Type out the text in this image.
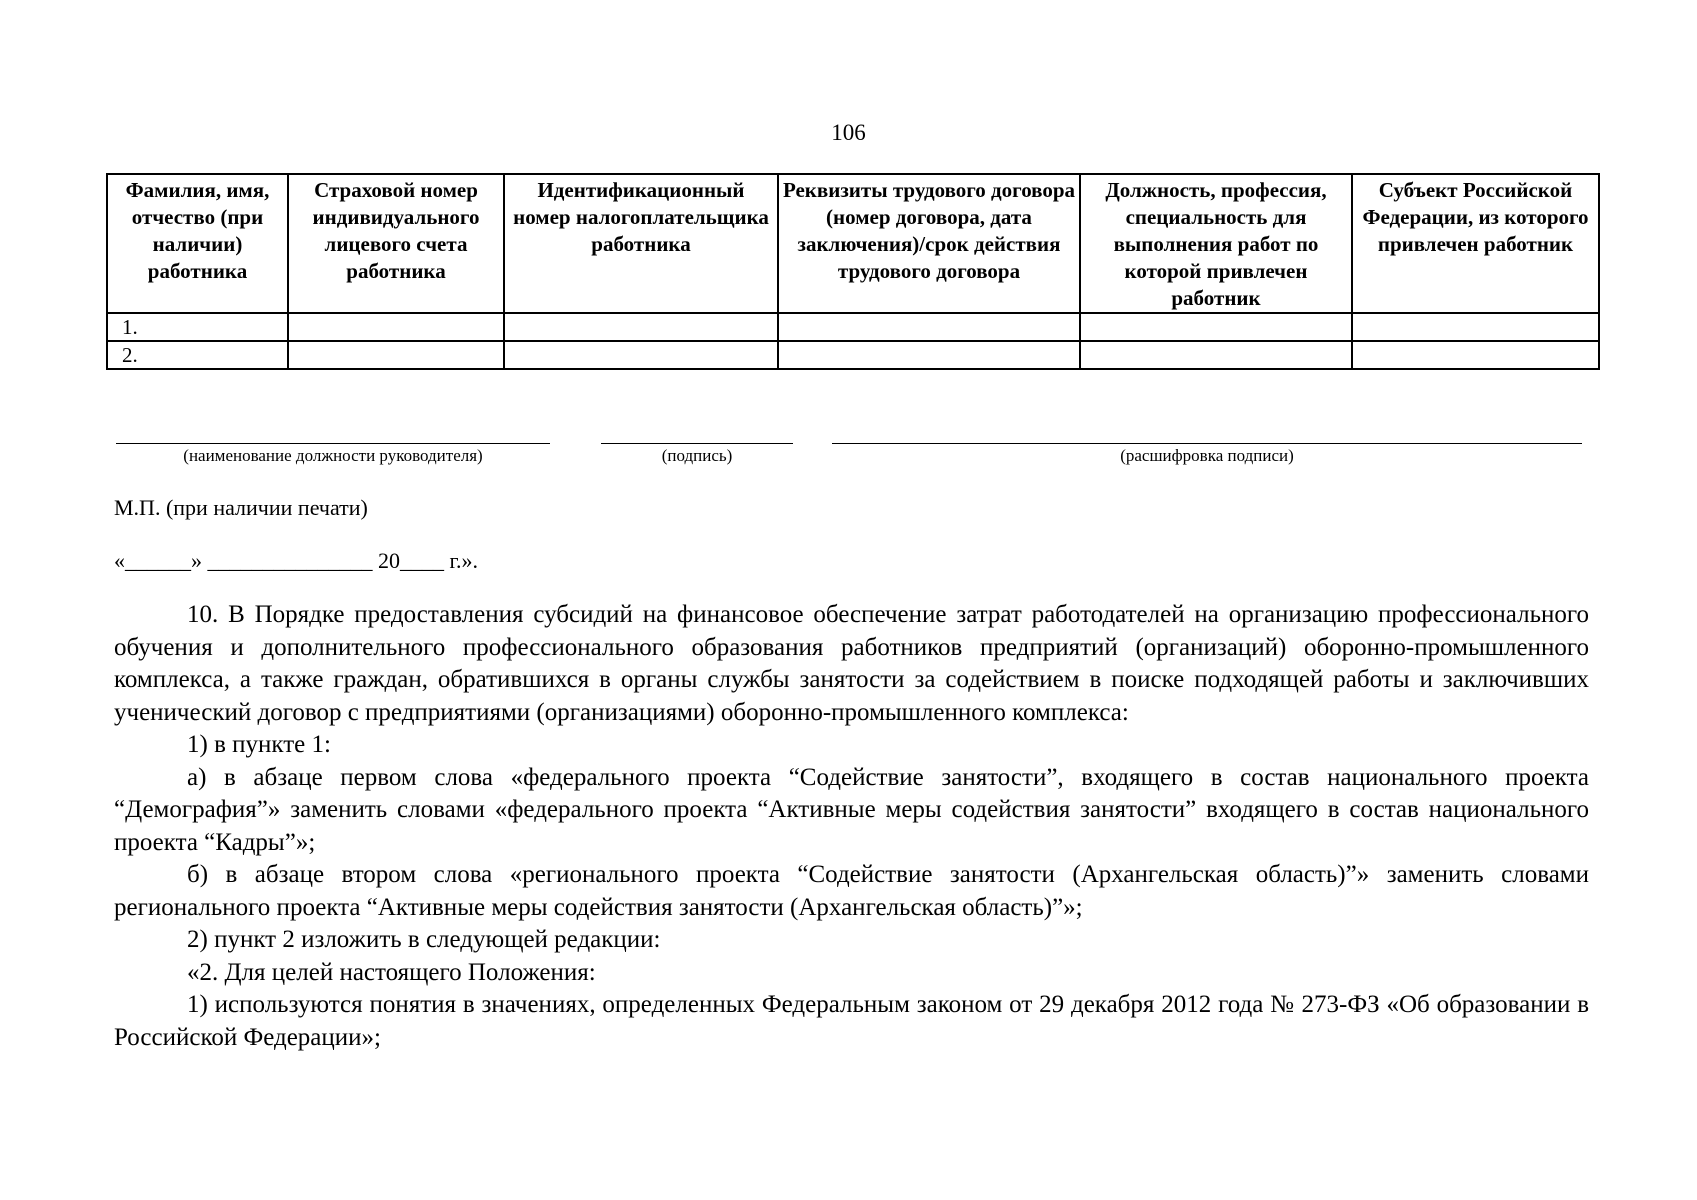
106
Фамилия, имя, отчество (при наличии) работника	Страховой номер индивидуального лицевого счета работника	Идентификационный номер налогоплательщика работника	Реквизиты трудового договора (номер договора, дата заключения)/срок действия трудового договора	Должность, профессия, специальность для выполнения работ по которой привлечен работник	Субъект Российской Федерации, из которого привлечен работник
1.					
2.					
(наименование должности руководителя)	(подпись)	(расшифровка подписи)
М.П. (при наличии печати)
«______» _______________ 20____ г.».

10. В Порядке предоставления субсидий на финансовое обеспечение затрат работодателей на организацию профессионального обучения и дополнительного профессионального образования работников предприятий (организаций) оборонно-промышленного комплекса, а также граждан, обратившихся в органы службы занятости за содействием в поиске подходящей работы и заключивших ученический договор с предприятиями (организациями) оборонно-промышленного комплекса:

1) в пункте 1:

а) в абзаце первом слова «федерального проекта “Содействие занятости”, входящего в состав национального проекта “Демография”» заменить словами «федерального проекта “Активные меры содействия занятости” входящего в состав национального проекта “Кадры”»;

б) в абзаце втором слова «регионального проекта “Содействие занятости (Архангельская область)”» заменить словами регионального проекта “Активные меры содействия занятости (Архангельская область)”»;

2) пункт 2 изложить в следующей редакции:

«2. Для целей настоящего Положения:

1) используются понятия в значениях, определенных Федеральным законом от 29 декабря 2012 года № 273-ФЗ «Об образовании в Российской Федерации»;
